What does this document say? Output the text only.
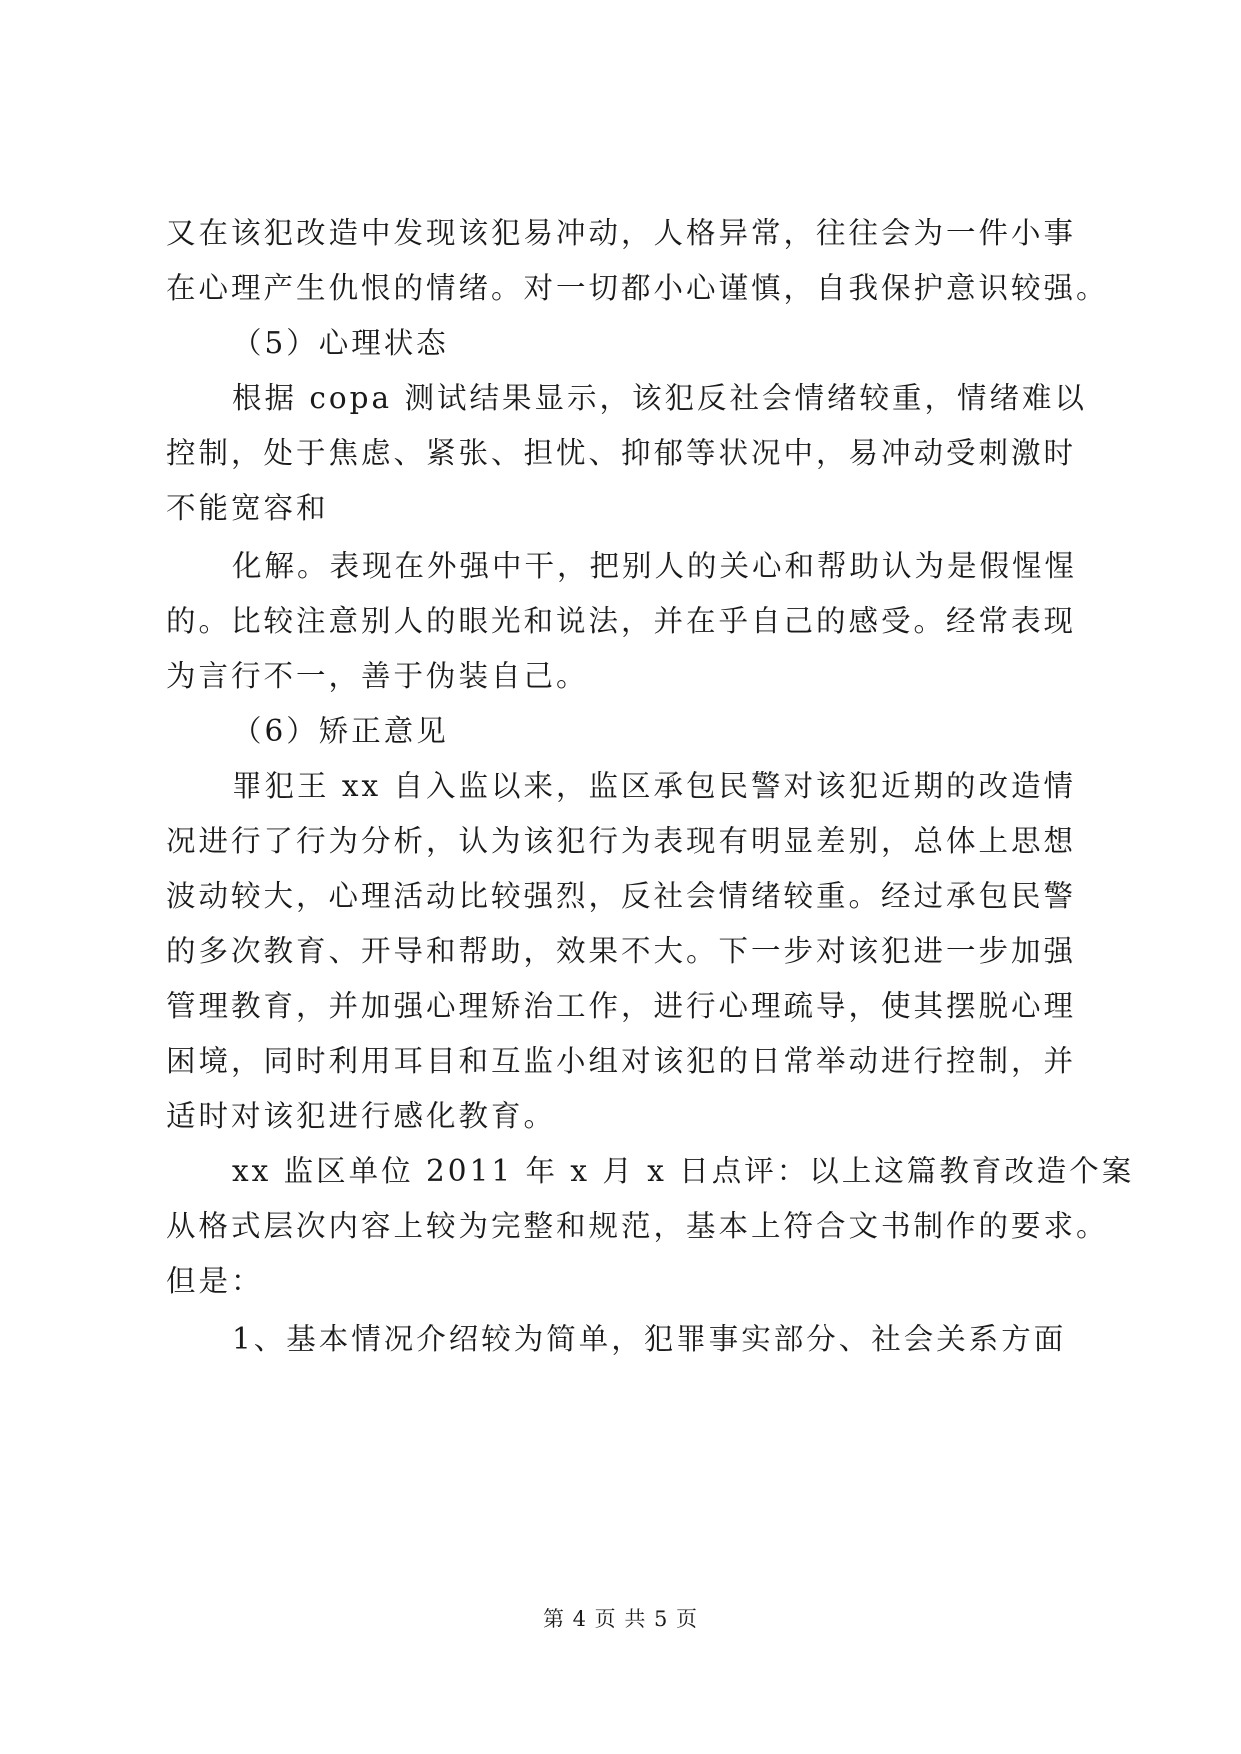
又在该犯改造中发现该犯易冲动，人格异常，往往会为一件小事
在心理产生仇恨的情绪。对一切都小心谨慎，自我保护意识较强。
（5）心理状态
根据 copa 测试结果显示，该犯反社会情绪较重，情绪难以
控制，处于焦虑、紧张、担忧、抑郁等状况中，易冲动受刺激时
不能宽容和
化解。表现在外强中干，把别人的关心和帮助认为是假惺惺
的。比较注意别人的眼光和说法，并在乎自己的感受。经常表现
为言行不一，善于伪装自己。
（6）矫正意见
罪犯王 xx 自入监以来，监区承包民警对该犯近期的改造情
况进行了行为分析，认为该犯行为表现有明显差别，总体上思想
波动较大，心理活动比较强烈，反社会情绪较重。经过承包民警
的多次教育、开导和帮助，效果不大。下一步对该犯进一步加强
管理教育，并加强心理矫治工作，进行心理疏导，使其摆脱心理
困境，同时利用耳目和互监小组对该犯的日常举动进行控制，并
适时对该犯进行感化教育。
xx 监区单位 2011 年 x 月 x 日点评：以上这篇教育改造个案
从格式层次内容上较为完整和规范，基本上符合文书制作的要求。
但是：
1、基本情况介绍较为简单，犯罪事实部分、社会关系方面
第 4 页 共 5 页
